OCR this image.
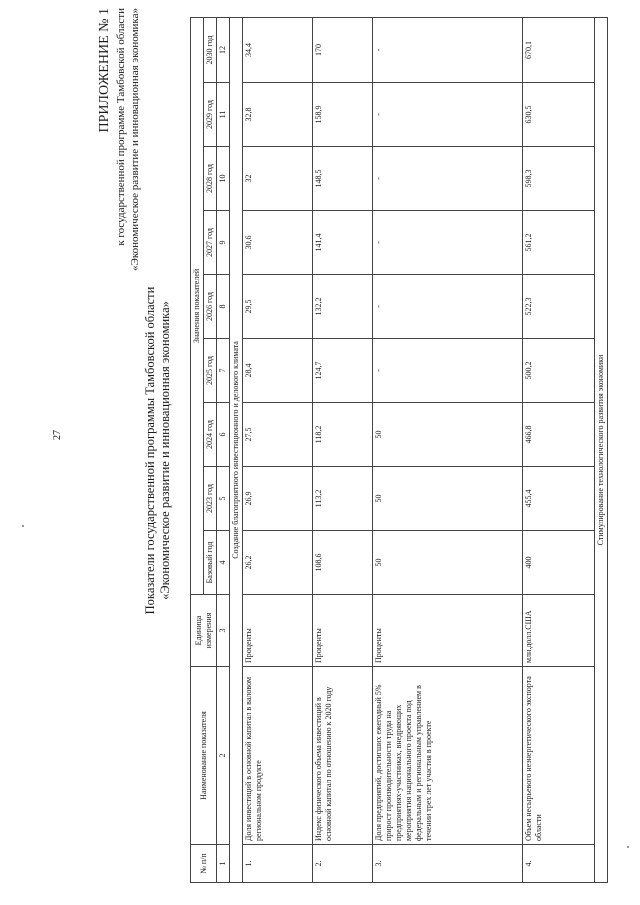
27
ПРИЛОЖЕНИЕ № 1 к государственной программе Тамбовской области «Экономическое развитие и инновационная экономика»
Показатели государственной программы Тамбовской области «Экономическое развитие и инновационная экономика»
№ п/п	Наименование показателя	Единица измерения	Значения показателей								
			Базовый год	2023 год	2024 год	2025 год	2026 год	2027 год	2028 год	2029 год	2030 год
1	2	3	4	5	6	7	8	9	10	11	12
Создание благоприятного инвестиционного и делового климата											
1.	Доля инвестиций в основной капитал в валовом региональном продукте	Проценты	26,2	26,9	27,5	28,4	29,5	30,6	32	32,8	34,4
2.	Индекс физического объема инвестиций в основной капитал по отношению к 2020 году	Проценты	108,6	113,2	118,2	124,7	132,2	141,4	148,5	158,9	170
3.	Доля предприятий, достигших ежегодный 5% прирост производительности труда на предприятиях-участниках, внедряющих мероприятия национального проекта под федеральным и региональным управлением в течении трех лет участия в проекте	Проценты	50	50	50	-	-	-	-	-	-
4.	Объем несырьевого неэнергетического экспорта области	млн.долл.США	400	455,4	466,8	500,2	522,3	561,2	598,3	630,5	670,1
Стимулирование технологического развития экономики											
